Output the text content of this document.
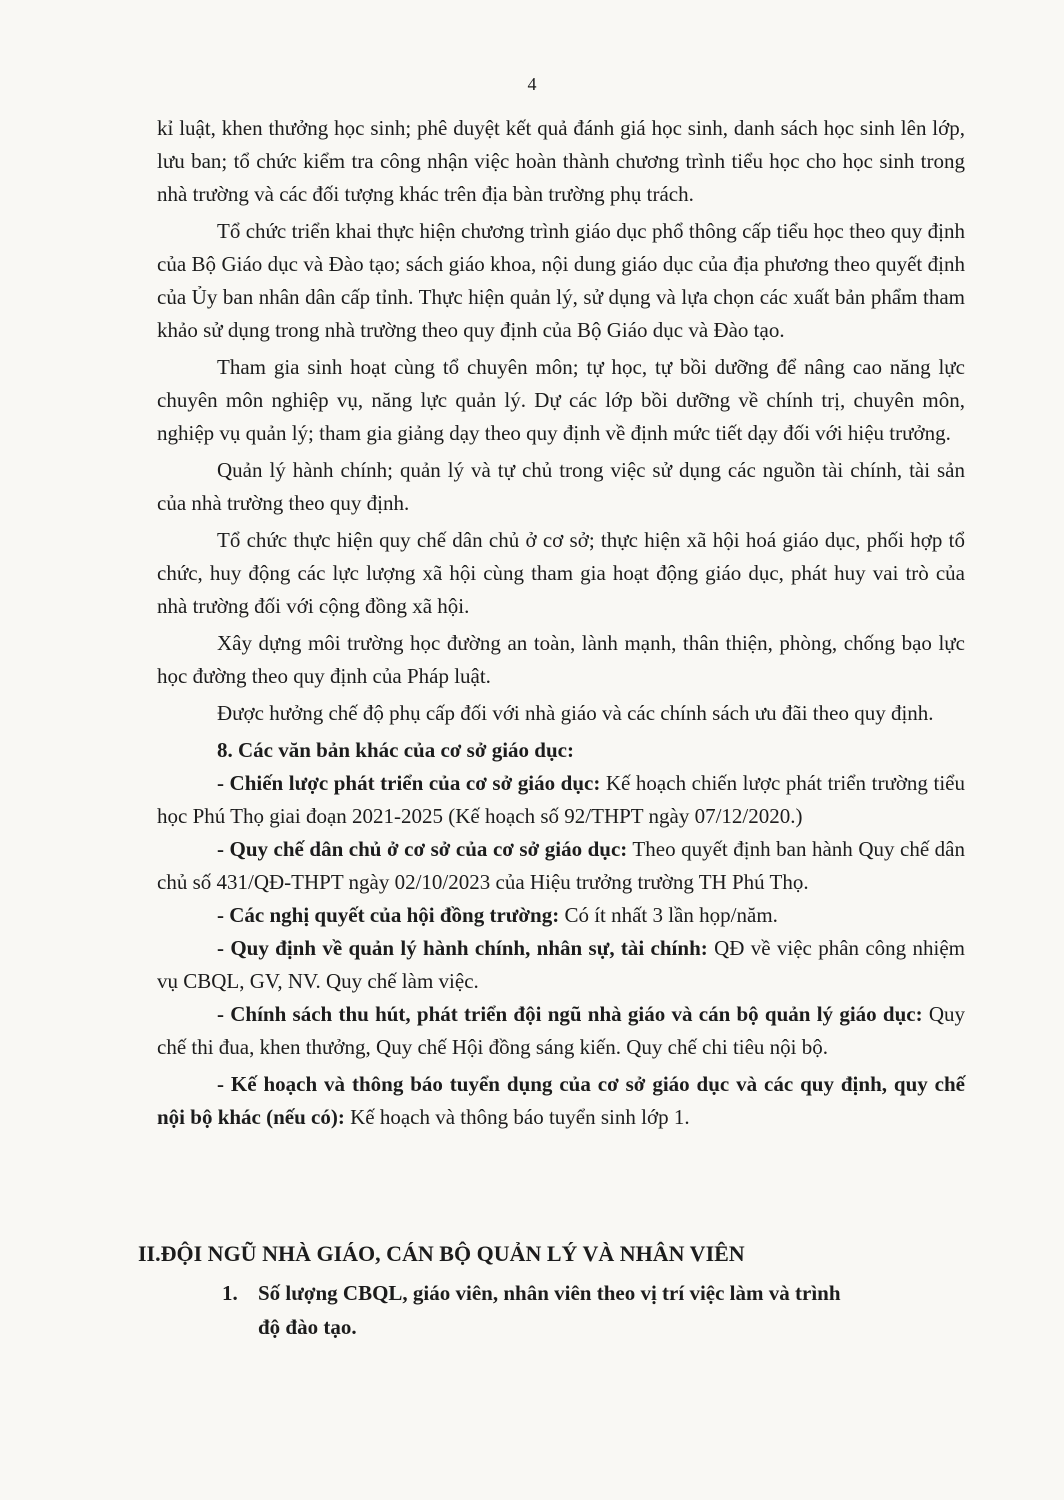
4

kỉ luật, khen thưởng học sinh; phê duyệt kết quả đánh giá học sinh, danh sách học sinh lên lớp, lưu ban; tổ chức kiểm tra công nhận việc hoàn thành chương trình tiểu học cho học sinh trong nhà trường và các đối tượng khác trên địa bàn trường phụ trách.

Tổ chức triển khai thực hiện chương trình giáo dục phổ thông cấp tiểu học theo quy định của Bộ Giáo dục và Đào tạo; sách giáo khoa, nội dung giáo dục của địa phương theo quyết định của Ủy ban nhân dân cấp tỉnh. Thực hiện quản lý, sử dụng và lựa chọn các xuất bản phẩm tham khảo sử dụng trong nhà trường theo quy định của Bộ Giáo dục và Đào tạo.

Tham gia sinh hoạt cùng tổ chuyên môn; tự học, tự bồi dưỡng để nâng cao năng lực chuyên môn nghiệp vụ, năng lực quản lý. Dự các lớp bồi dưỡng về chính trị, chuyên môn, nghiệp vụ quản lý; tham gia giảng dạy theo quy định về định mức tiết dạy đối với hiệu trưởng.

Quản lý hành chính; quản lý và tự chủ trong việc sử dụng các nguồn tài chính, tài sản của nhà trường theo quy định.

Tổ chức thực hiện quy chế dân chủ ở cơ sở; thực hiện xã hội hoá giáo dục, phối hợp tổ chức, huy động các lực lượng xã hội cùng tham gia hoạt động giáo dục, phát huy vai trò của nhà trường đối với cộng đồng xã hội.

Xây dựng môi trường học đường an toàn, lành mạnh, thân thiện, phòng, chống bạo lực học đường theo quy định của Pháp luật.

Được hưởng chế độ phụ cấp đối với nhà giáo và các chính sách ưu đãi theo quy định.

8. Các văn bản khác của cơ sở giáo dục:

- Chiến lược phát triển của cơ sở giáo dục: Kế hoạch chiến lược phát triển trường tiểu học Phú Thọ giai đoạn 2021-2025 (Kế hoạch số 92/THPT ngày 07/12/2020.)

- Quy chế dân chủ ở cơ sở của cơ sở giáo dục: Theo quyết định ban hành Quy chế dân chủ số 431/QĐ-THPT ngày 02/10/2023 của Hiệu trưởng trường TH Phú Thọ.

- Các nghị quyết của hội đồng trường: Có ít nhất 3 lần họp/năm.

- Quy định về quản lý hành chính, nhân sự, tài chính: QĐ về việc phân công nhiệm vụ CBQL, GV, NV. Quy chế làm việc.

- Chính sách thu hút, phát triển đội ngũ nhà giáo và cán bộ quản lý giáo dục: Quy chế thi đua, khen thưởng, Quy chế Hội đồng sáng kiến. Quy chế chi tiêu nội bộ.

- Kế hoạch và thông báo tuyển dụng của cơ sở giáo dục và các quy định, quy chế nội bộ khác (nếu có): Kế hoạch và thông báo tuyển sinh lớp 1.

II.ĐỘI NGŨ NHÀ GIÁO, CÁN BỘ QUẢN LÝ VÀ NHÂN VIÊN
1. Số lượng CBQL, giáo viên, nhân viên theo vị trí việc làm và trình
độ đào tạo.
